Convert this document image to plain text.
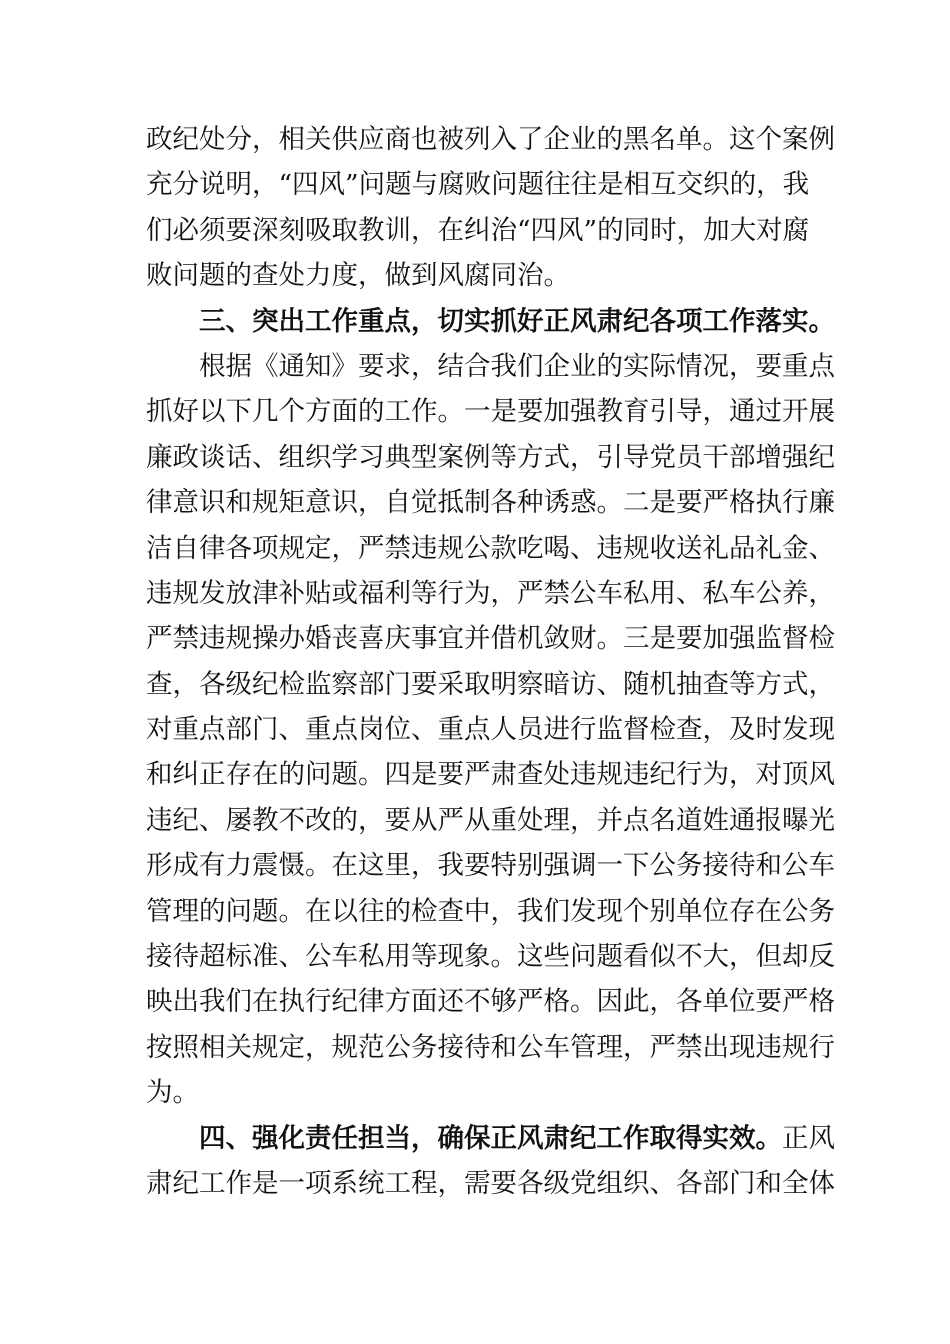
政纪处分，相关供应商也被列入了企业的黑名单。这个案例
充分说明，“四风”问题与腐败问题往往是相互交织的，我
们必须要深刻吸取教训，在纠治“四风”的同时，加大对腐
败问题的查处力度，做到风腐同治。
三、突出工作重点，切实抓好正风肃纪各项工作落实。
根据《通知》要求，结合我们企业的实际情况，要重点
抓好以下几个方面的工作。一是要加强教育引导，通过开展
廉政谈话、组织学习典型案例等方式，引导党员干部增强纪
律意识和规矩意识，自觉抵制各种诱惑。二是要严格执行廉
洁自律各项规定，严禁违规公款吃喝、违规收送礼品礼金、
违规发放津补贴或福利等行为，严禁公车私用、私车公养，
严禁违规操办婚丧喜庆事宜并借机敛财。三是要加强监督检
查，各级纪检监察部门要采取明察暗访、随机抽查等方式，
对重点部门、重点岗位、重点人员进行监督检查，及时发现
和纠正存在的问题。四是要严肃查处违规违纪行为，对顶风
违纪、屡教不改的，要从严从重处理，并点名道姓通报曝光
形成有力震慑。在这里，我要特别强调一下公务接待和公车
管理的问题。在以往的检查中，我们发现个别单位存在公务
接待超标准、公车私用等现象。这些问题看似不大，但却反
映出我们在执行纪律方面还不够严格。因此，各单位要严格
按照相关规定，规范公务接待和公车管理，严禁出现违规行
为。
四、强化责任担当，确保正风肃纪工作取得实效。正风
肃纪工作是一项系统工程，需要各级党组织、各部门和全体
